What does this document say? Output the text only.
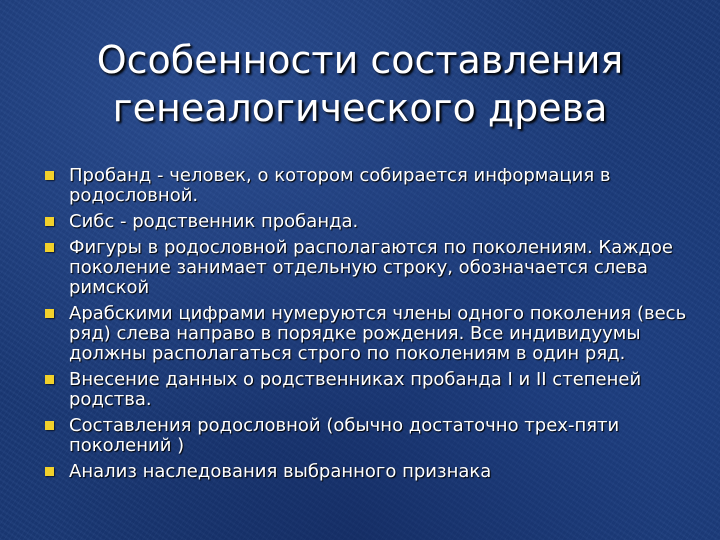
Особенности составления генеалогического древа
Пробанд - человек, о котором собирается информация в родословной.
Сибс - родственник пробанда.
Фигуры в родословной располагаются по поколениям. Каждое поколение занимает отдельную строку, обозначается слева римской
Арабскими цифрами нумеруются члены одного поколения (весь ряд) слева направо в порядке рождения. Все индивидуумы должны располагаться строго по поколениям в один ряд.
Внесение данных о родственниках пробанда I и II степеней родства.
Составления родословной (обычно достаточно трех-пяти поколений )
Анализ наследования выбранного признака
